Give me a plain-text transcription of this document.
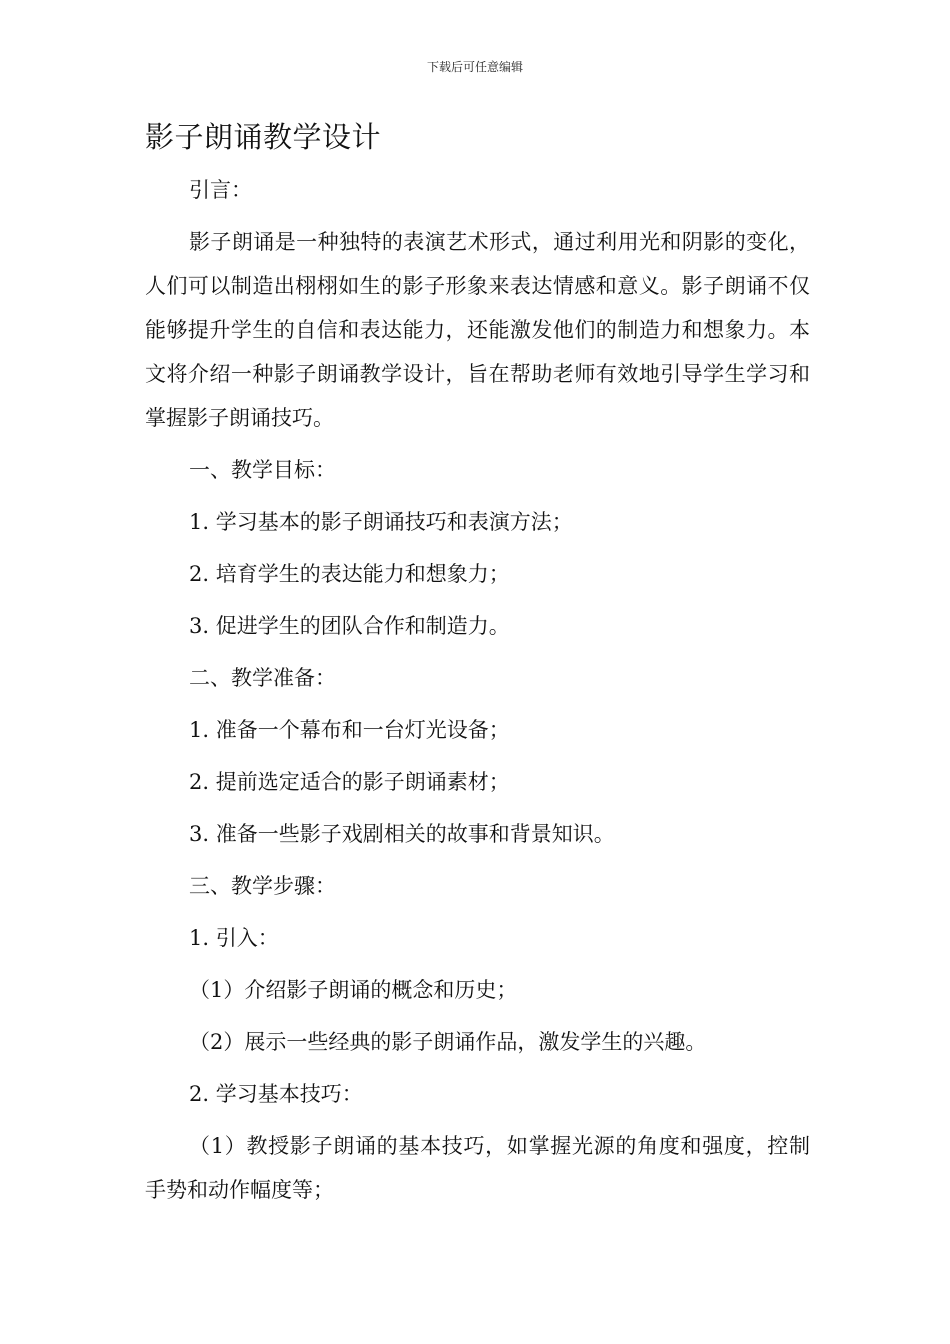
下载后可任意编辑
影子朗诵教学设计

引言：

影子朗诵是一种独特的表演艺术形式，通过利用光和阴影的变化，人们可以制造出栩栩如生的影子形象来表达情感和意义。影子朗诵不仅能够提升学生的自信和表达能力，还能激发他们的制造力和想象力。本文将介绍一种影子朗诵教学设计，旨在帮助老师有效地引导学生学习和掌握影子朗诵技巧。

一、教学目标：

1. 学习基本的影子朗诵技巧和表演方法；

2. 培育学生的表达能力和想象力；

3. 促进学生的团队合作和制造力。

二、教学准备：

1. 准备一个幕布和一台灯光设备；

2. 提前选定适合的影子朗诵素材；

3. 准备一些影子戏剧相关的故事和背景知识。

三、教学步骤：

1. 引入：

（1）介绍影子朗诵的概念和历史；

（2）展示一些经典的影子朗诵作品，激发学生的兴趣。

2. 学习基本技巧：

（1）教授影子朗诵的基本技巧，如掌握光源的角度和强度，控制手势和动作幅度等；
